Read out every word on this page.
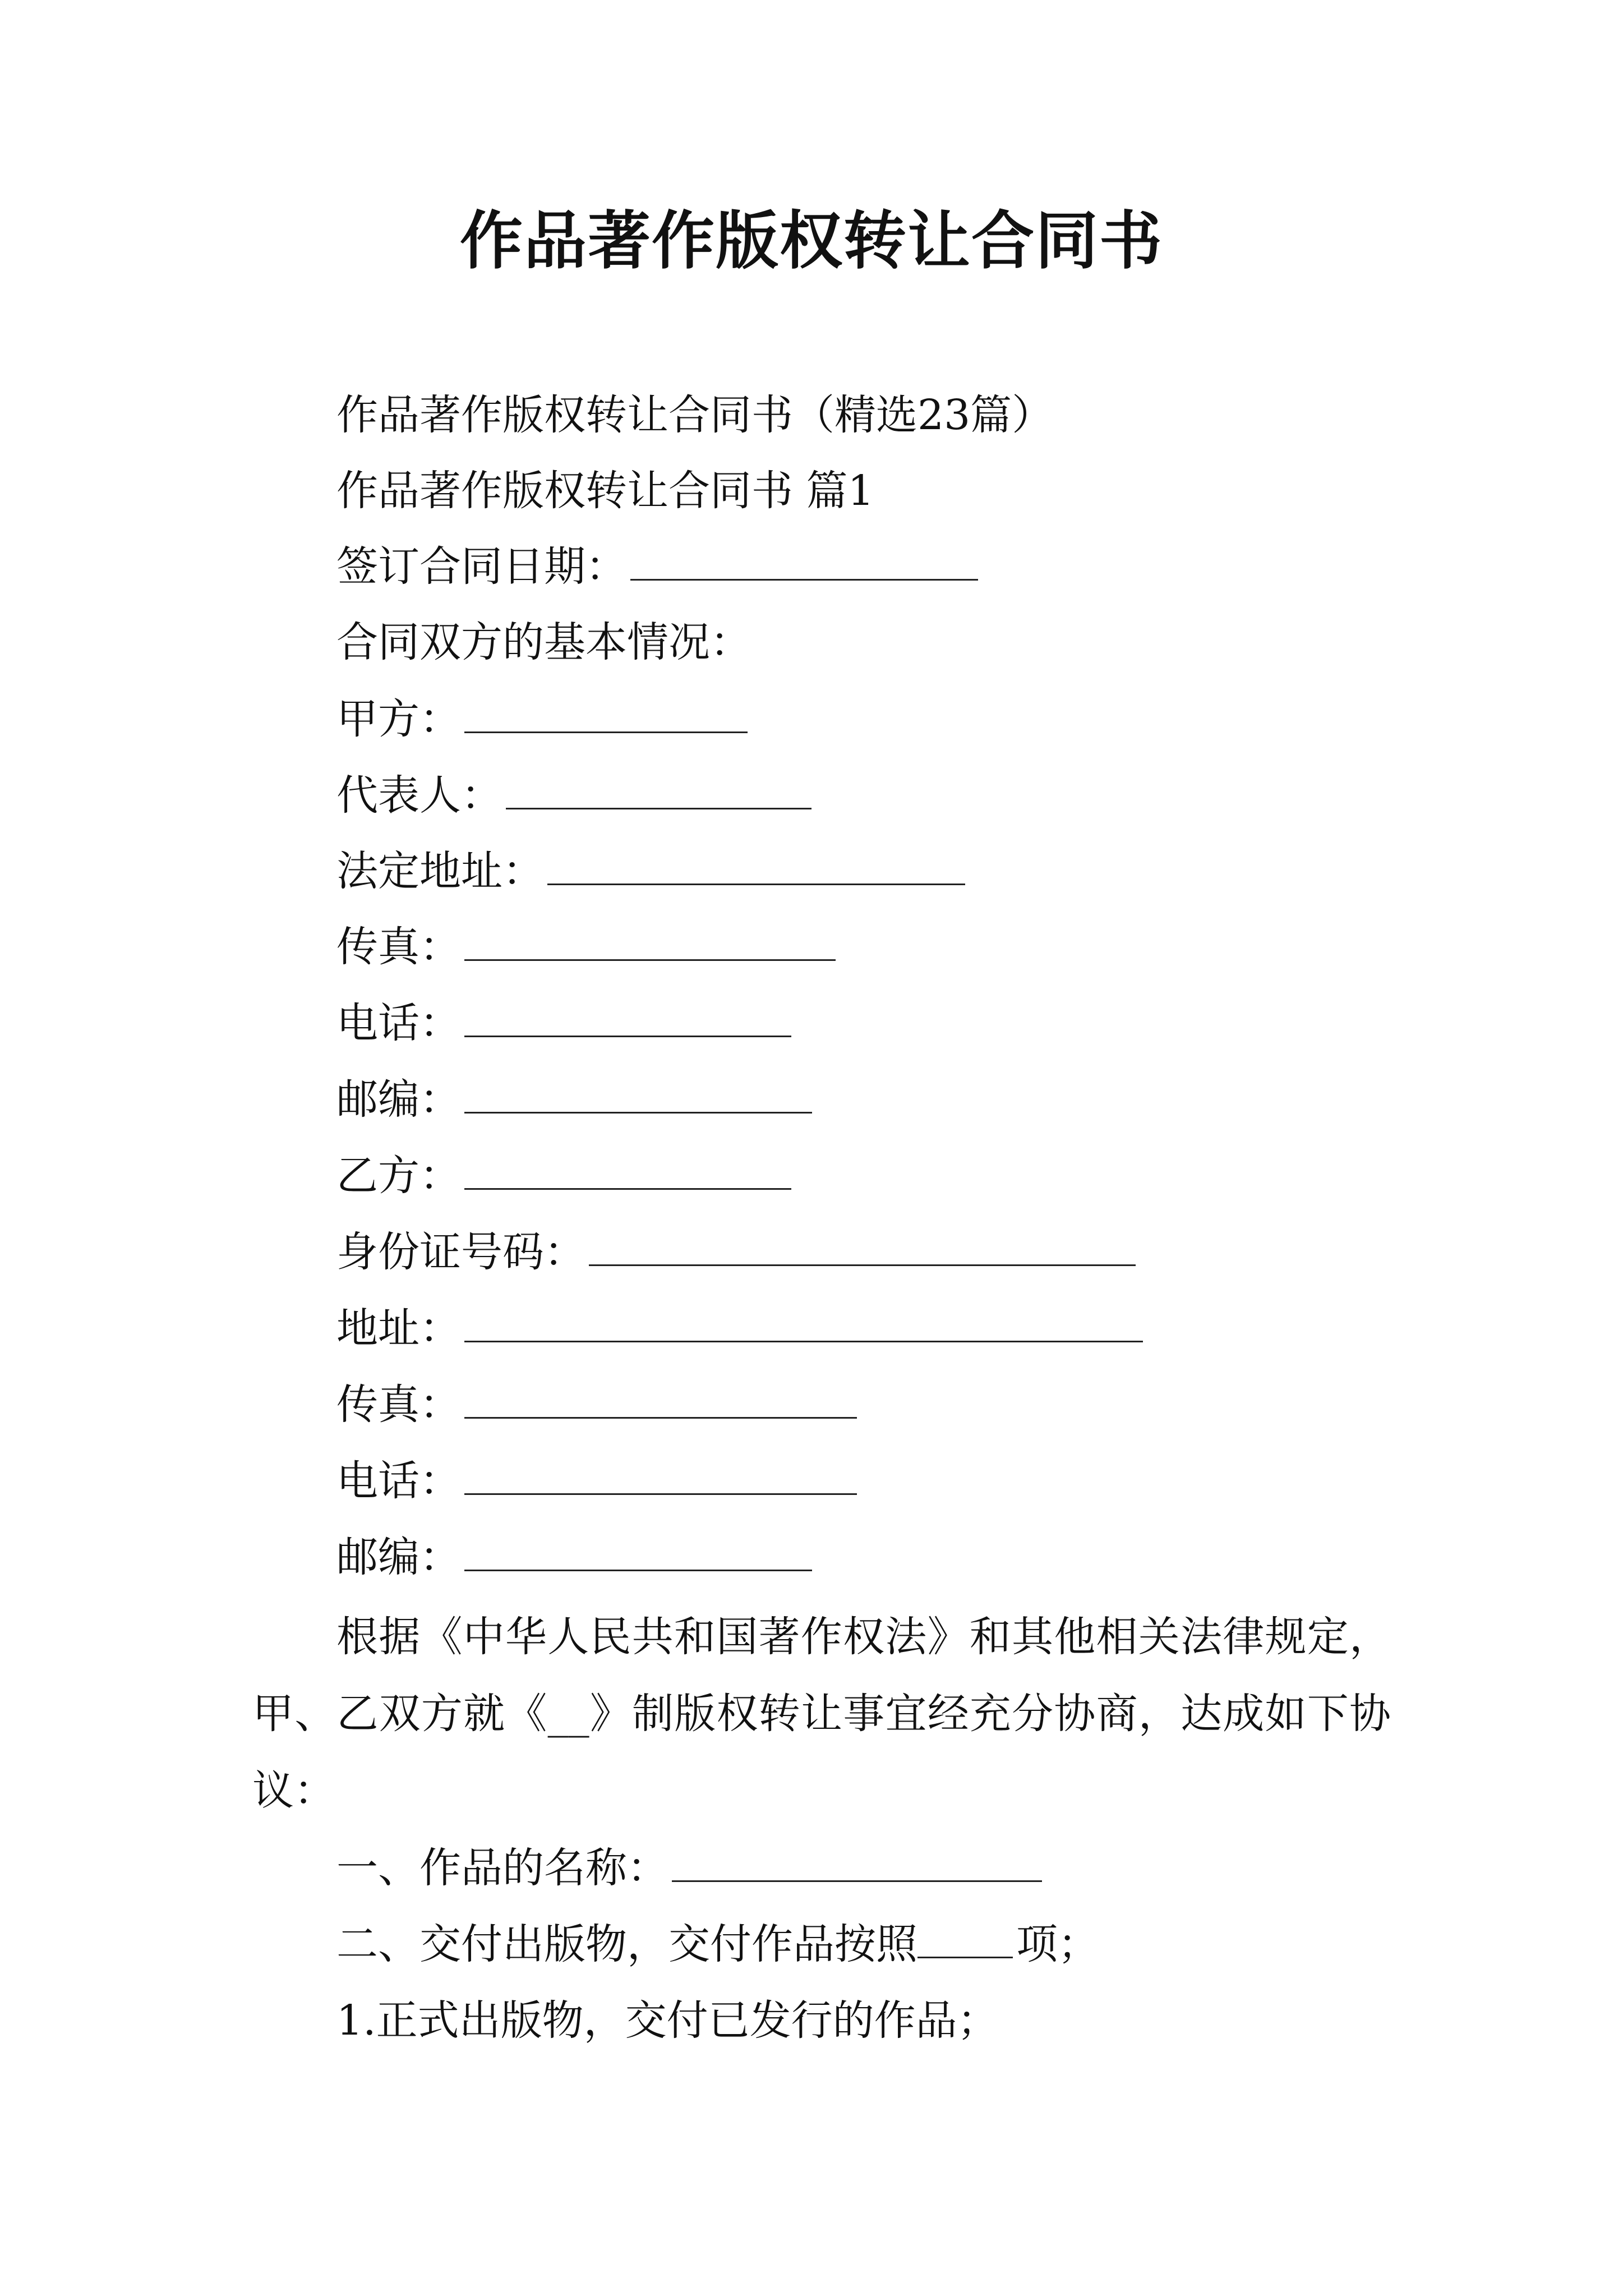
作品著作版权转让合同书
作品著作版权转让合同书（精选23篇）
作品著作版权转让合同书 篇1
签订合同日期：
合同双方的基本情况：
甲方：
代表人：
法定地址：
传真：
电话：
邮编：
乙方：
身份证号码：
地址：
传真：
电话：
邮编：
根据《中华人民共和国著作权法》和其他相关法律规定，甲、乙双方就《__》制版权转让事宜经充分协商，达成如下协议：
一、作品的名称：
二、交付出版物，交付作品按照 项；
1.正式出版物，交付已发行的作品；
